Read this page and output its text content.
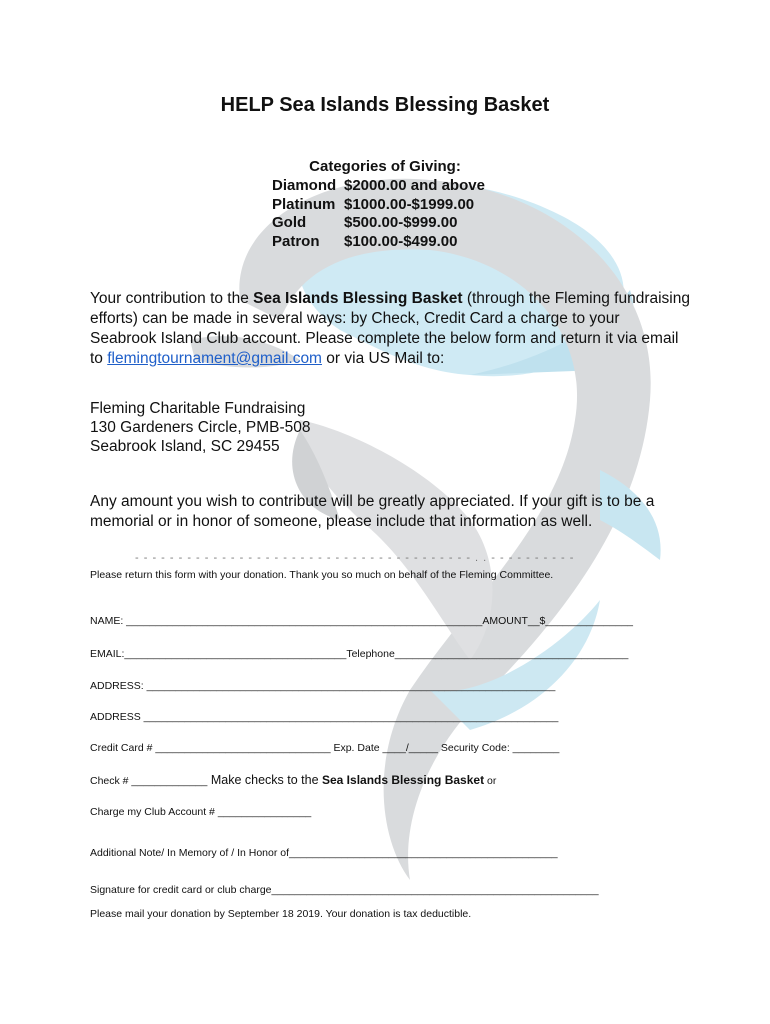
HELP Sea Islands Blessing Basket
Categories of Giving:
Diamond $2000.00 and above
Platinum $1000.00-$1999.00
Gold	$500.00-$999.00
Patron $100.00-$499.00
Your contribution to the Sea Islands Blessing Basket (through the Fleming fundraising efforts) can be made in several ways: by Check, Credit Card a charge to your Seabrook Island Club account. Please complete the below form and return it via email to flemingtournament@gmail.com or via US Mail to:
Fleming Charitable Fundraising
130 Gardeners Circle, PMB-508
Seabrook Island, SC 29455
Any amount you wish to contribute will be greatly appreciated. If your gift is to be a memorial or in honor of someone, please include that information as well.
- - - - - - - - - - - - - - - - - - - - - - - - - - - - - - - - - - - - - - - . . - - - - - - - - - -
Please return this form with your donation. Thank you so much on behalf of the Fleming Committee.
NAME: _____________________________________________________________AMOUNT__$_______________
EMAIL:______________________________________Telephone________________________________________
ADDRESS: ______________________________________________________________________
ADDRESS _______________________________________________________________________
Credit Card # ______________________________ Exp. Date ____/_____ Security Code: ________
Check # _____________ Make checks to the Sea Islands Blessing Basket or
Charge my Club Account # ________________
Additional Note/ In Memory of / In Honor of______________________________________________
Signature for credit card or club charge________________________________________________________
Please mail your donation by September 18 2019. Your donation is tax deductible.
